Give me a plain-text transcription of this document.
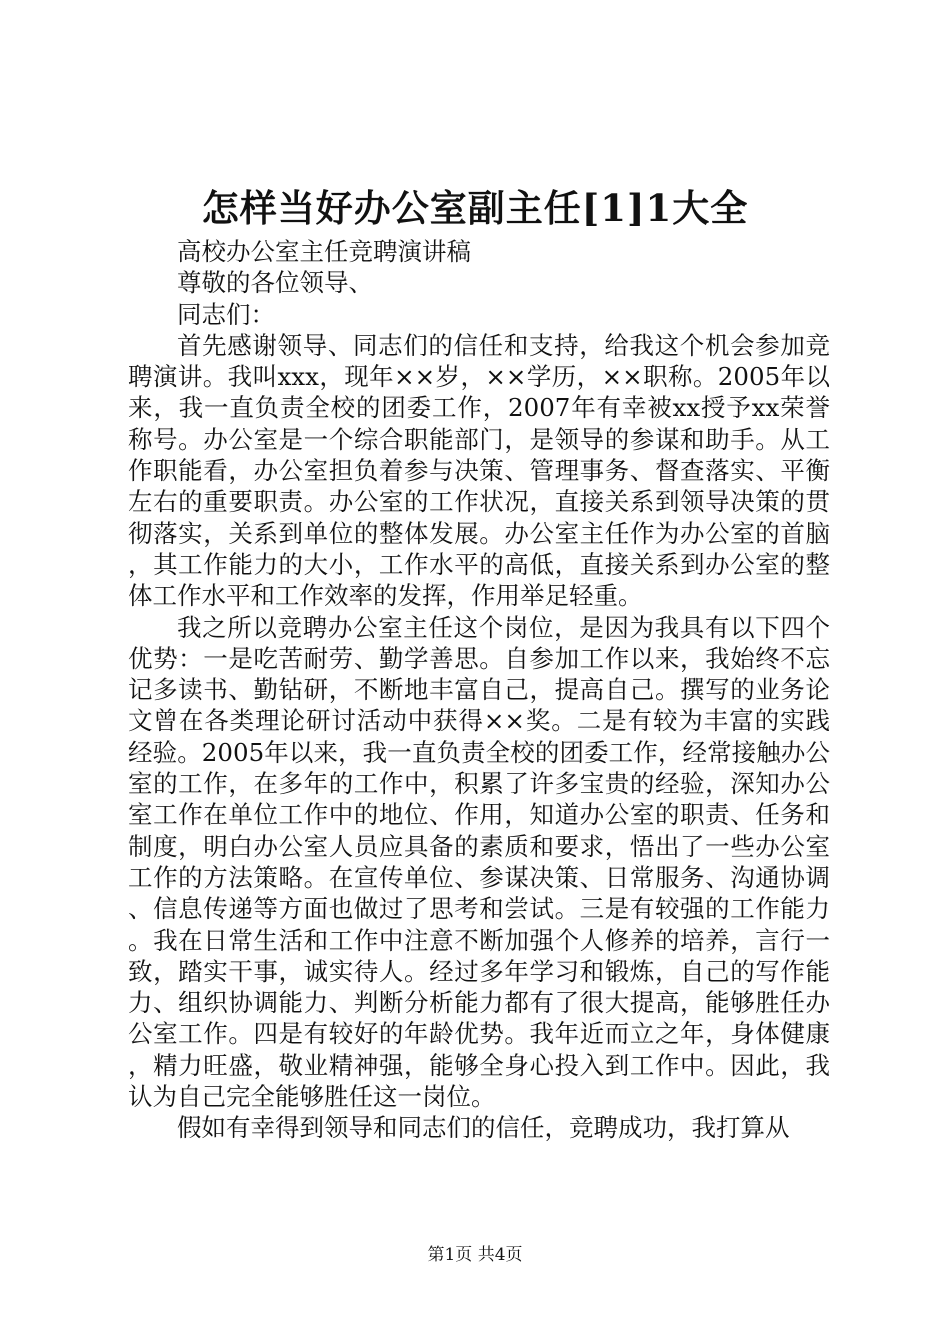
怎样当好办公室副主任[1]1大全

高校办公室主任竞聘演讲稿

尊敬的各位领导、

同志们：

首先感谢领导、同志们的信任和支持，给我这个机会参加竞聘演讲。我叫xxx，现年××岁，××学历，××职称。2005年以来，我一直负责全校的团委工作，2007年有幸被xx授予xx荣誉称号。办公室是一个综合职能部门，是领导的参谋和助手。从工作职能看，办公室担负着参与决策、管理事务、督查落实、平衡左右的重要职责。办公室的工作状况，直接关系到领导决策的贯彻落实，关系到单位的整体发展。办公室主任作为办公室的首脑，其工作能力的大小，工作水平的高低，直接关系到办公室的整体工作水平和工作效率的发挥，作用举足轻重。

我之所以竞聘办公室主任这个岗位，是因为我具有以下四个优势：一是吃苦耐劳、勤学善思。自参加工作以来，我始终不忘记多读书、勤钻研，不断地丰富自己，提高自己。撰写的业务论文曾在各类理论研讨活动中获得××奖。二是有较为丰富的实践经验。2005年以来，我一直负责全校的团委工作，经常接触办公室的工作，在多年的工作中，积累了许多宝贵的经验，深知办公室工作在单位工作中的地位、作用，知道办公室的职责、任务和制度，明白办公室人员应具备的素质和要求，悟出了一些办公室工作的方法策略。在宣传单位、参谋决策、日常服务、沟通协调、信息传递等方面也做过了思考和尝试。三是有较强的工作能力。我在日常生活和工作中注意不断加强个人修养的培养，言行一致，踏实干事，诚实待人。经过多年学习和锻炼，自己的写作能力、组织协调能力、判断分析能力都有了很大提高，能够胜任办公室工作。四是有较好的年龄优势。我年近而立之年，身体健康，精力旺盛，敬业精神强，能够全身心投入到工作中。因此，我认为自己完全能够胜任这一岗位。

假如有幸得到领导和同志们的信任，竞聘成功，我打算从

第1页 共4页
